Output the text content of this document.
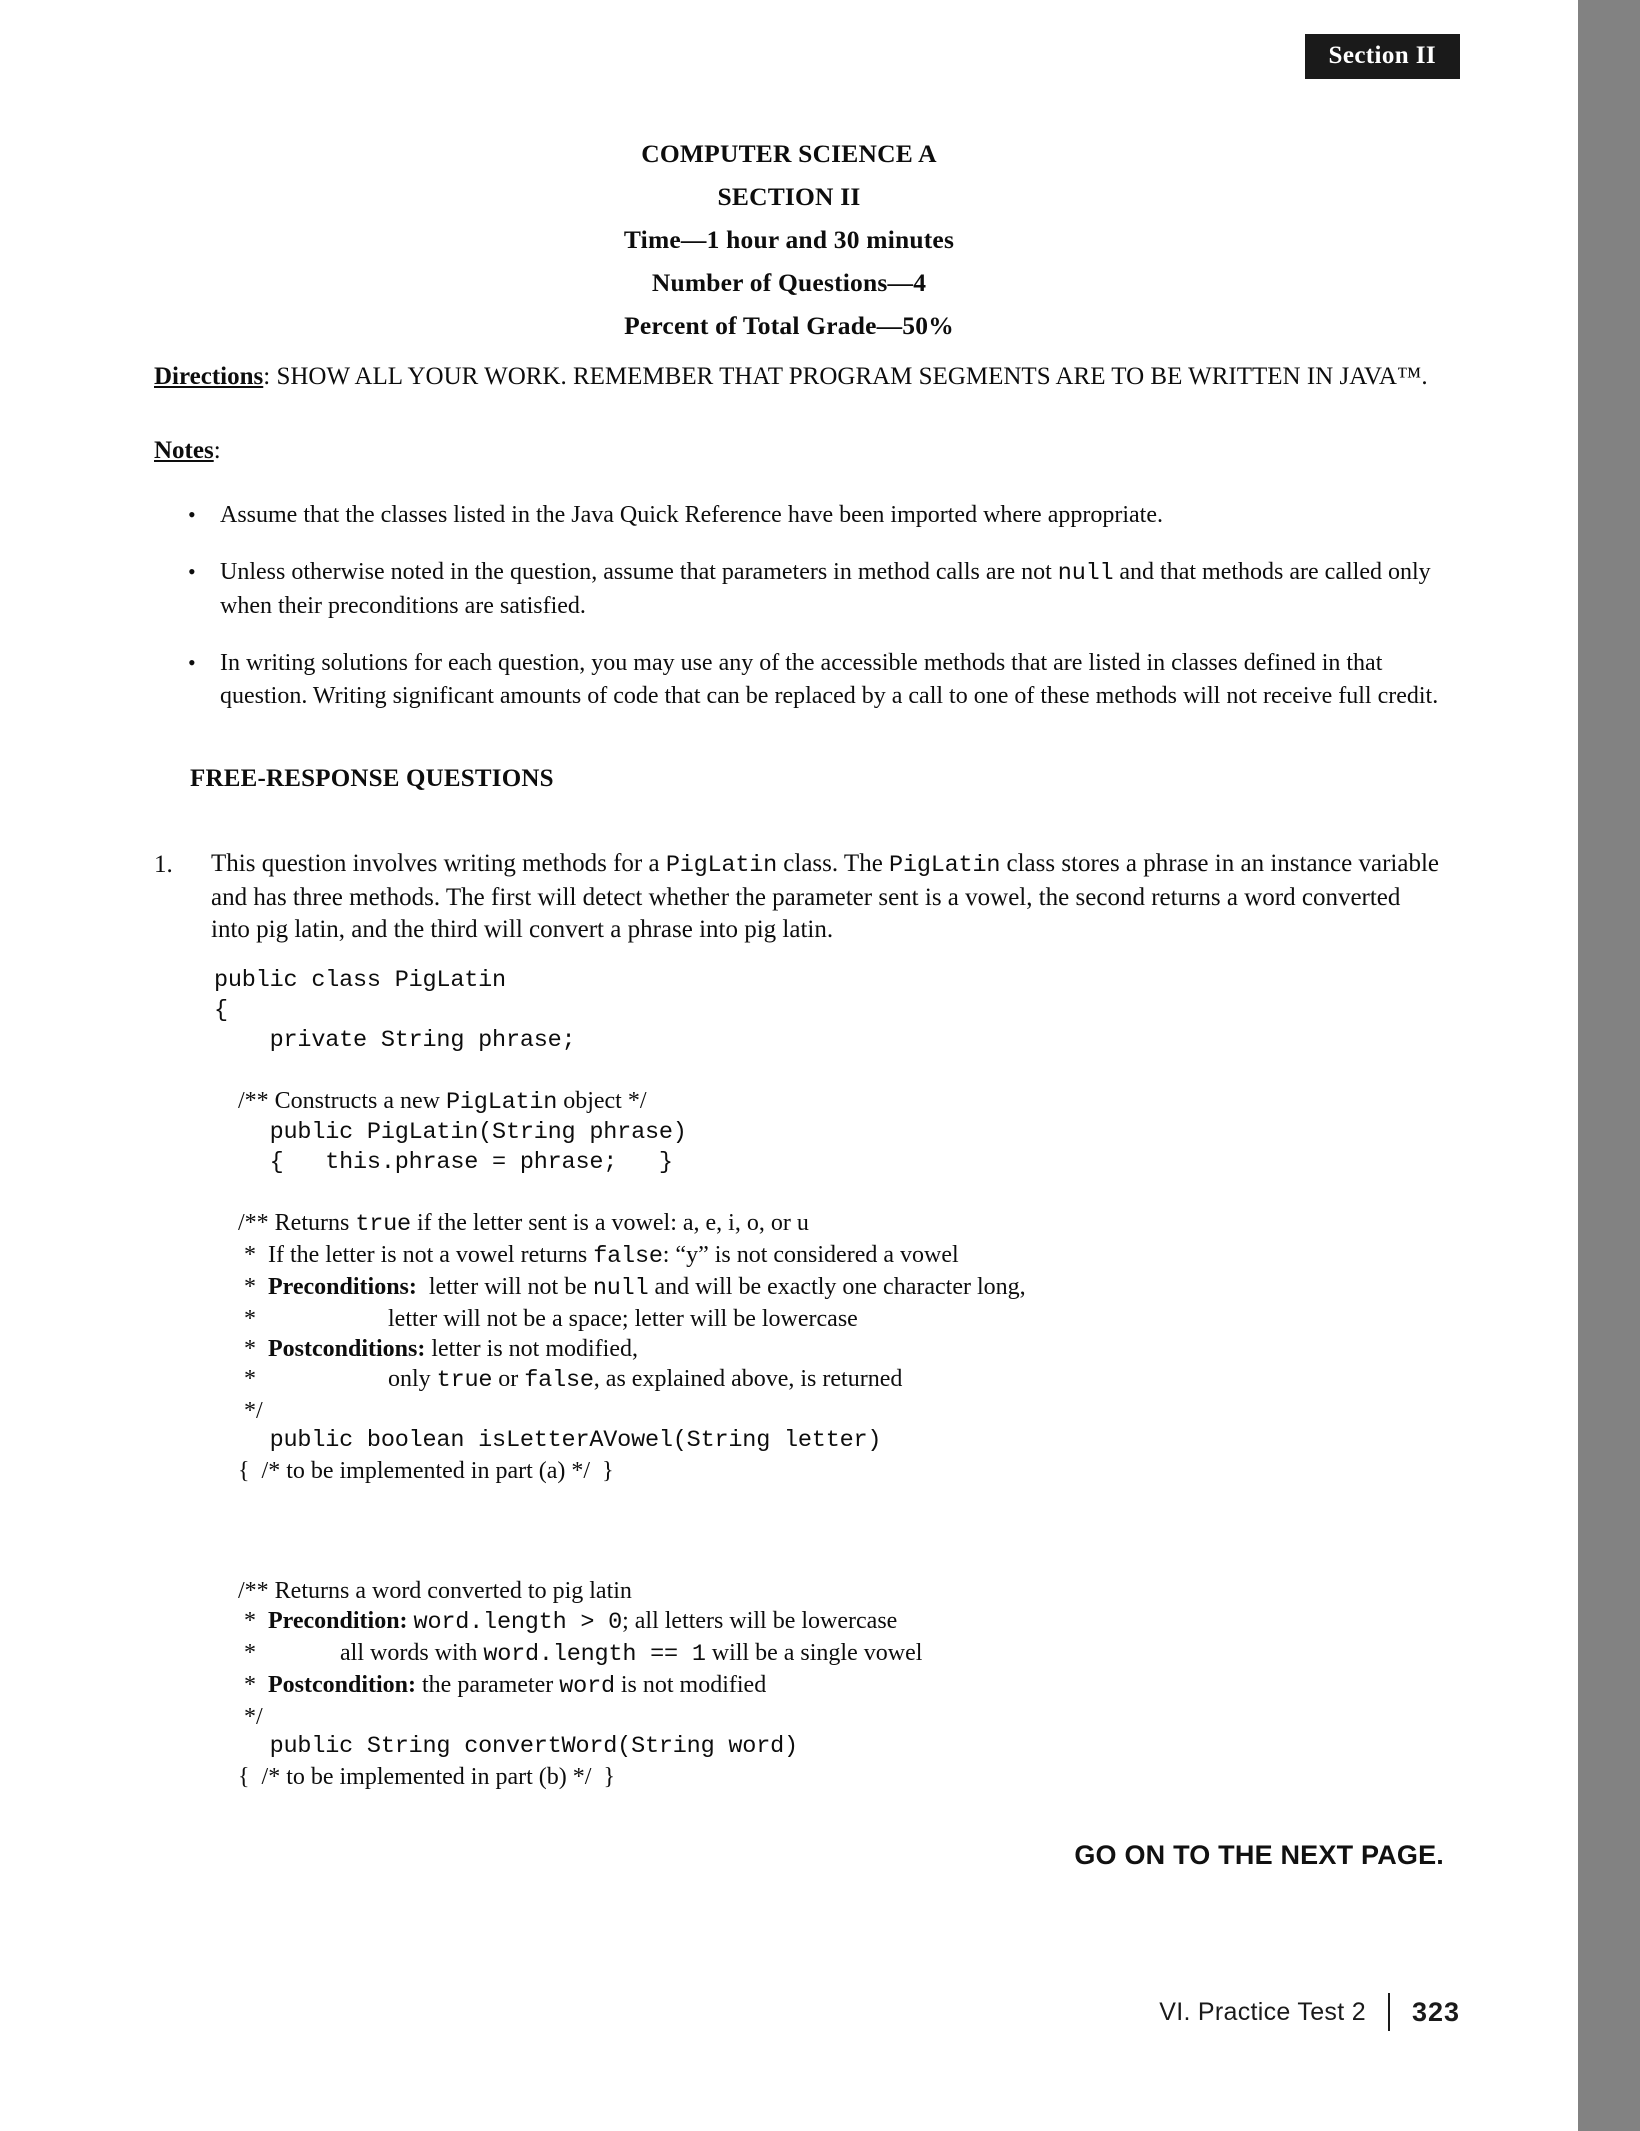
Section II
COMPUTER SCIENCE A
SECTION II
Time—1 hour and 30 minutes
Number of Questions—4
Percent of Total Grade—50%

Directions: SHOW ALL YOUR WORK. REMEMBER THAT PROGRAM SEGMENTS ARE TO BE WRITTEN IN JAVA™.

Notes:

• Assume that the classes listed in the Java Quick Reference have been imported where appropriate.
• Unless otherwise noted in the question, assume that parameters in method calls are not null and that methods are called only when their preconditions are satisfied.
• In writing solutions for each question, you may use any of the accessible methods that are listed in classes defined in that question. Writing significant amounts of code that can be replaced by a call to one of these methods will not receive full credit.
FREE-RESPONSE QUESTIONS
1. This question involves writing methods for a PigLatin class. The PigLatin class stores a phrase in an instance variable and has three methods. The first will detect whether the parameter sent is a vowel, the second returns a word converted into pig latin, and the third will convert a phrase into pig latin.
public class PigLatin
{
private String phrase;
/** Constructs a new PigLatin object */
public PigLatin(String phrase)
{   this.phrase = phrase;   }
/** Returns true if the letter sent is a vowel: a, e, i, o, or u
*  If the letter is not a vowel returns false: “y” is not considered a vowel
*  Preconditions:  letter will not be null and will be exactly one character long,
*                      letter will not be a space; letter will be lowercase
*  Postconditions: letter is not modified,
*                      only true or false, as explained above, is returned
*/
public boolean isLetterAVowel(String letter)
{  /* to be implemented in part (a) */  }
/** Returns a word converted to pig latin
*  Precondition: word.length > 0; all letters will be lowercase
*              all words with word.length == 1 will be a single vowel
*  Postcondition: the parameter word is not modified
*/
public String convertWord(String word)
{  /* to be implemented in part (b) */  }
GO ON TO THE NEXT PAGE.
VI. Practice Test 2	323
